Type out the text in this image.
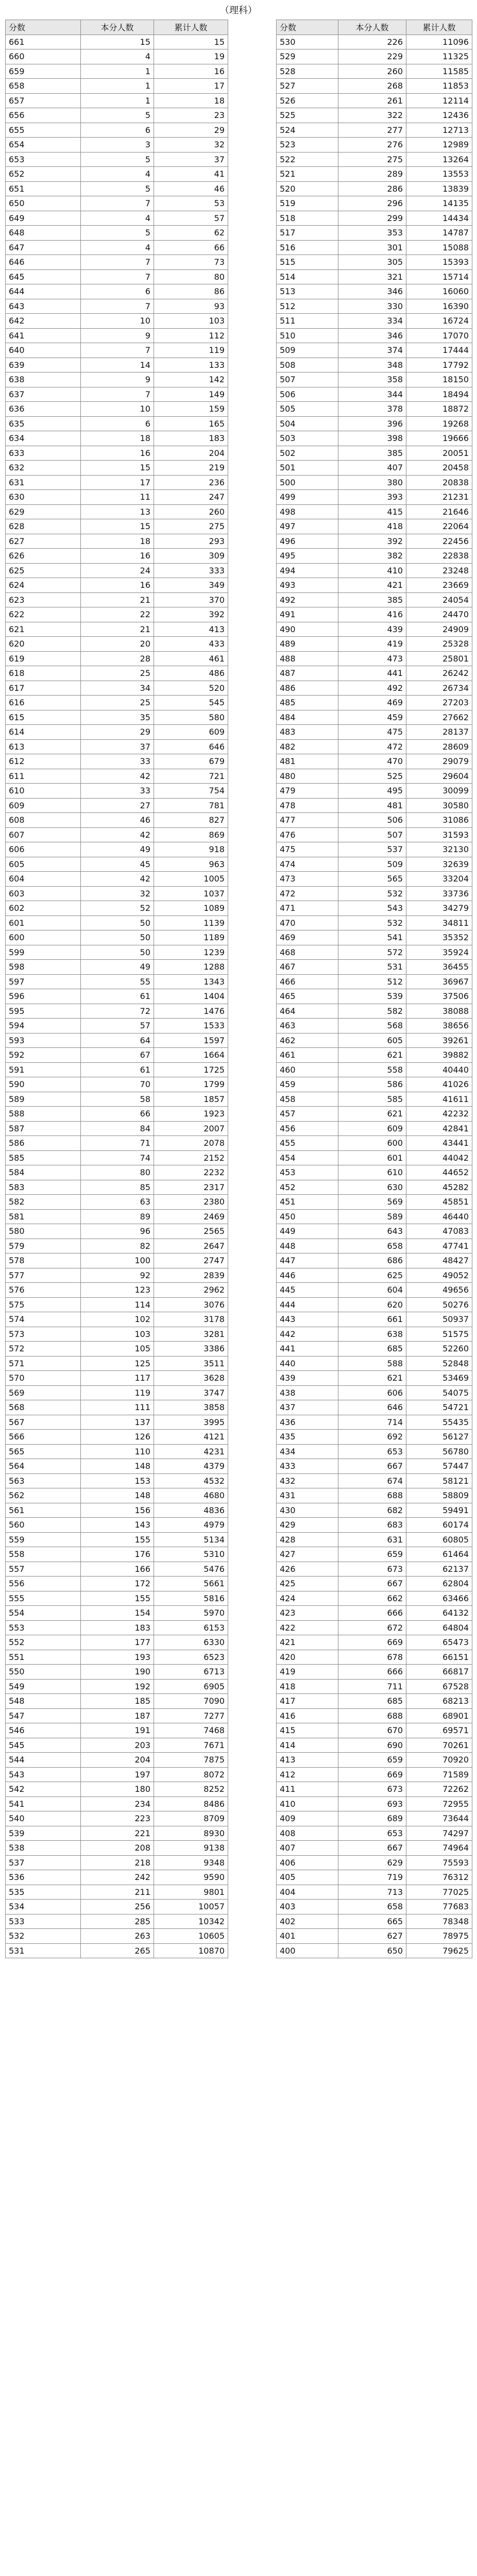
（理科）
分数	本分人数	累计人数
661	15	15
660	4	19
659	1	16
658	1	17
657	1	18
656	5	23
655	6	29
654	3	32
653	5	37
652	4	41
651	5	46
650	7	53
649	4	57
648	5	62
647	4	66
646	7	73
645	7	80
644	6	86
643	7	93
642	10	103
641	9	112
640	7	119
639	14	133
638	9	142
637	7	149
636	10	159
635	6	165
634	18	183
633	16	204
632	15	219
631	17	236
630	11	247
629	13	260
628	15	275
627	18	293
626	16	309
625	24	333
624	16	349
623	21	370
622	22	392
621	21	413
620	20	433
619	28	461
618	25	486
617	34	520
616	25	545
615	35	580
614	29	609
613	37	646
612	33	679
611	42	721
610	33	754
609	27	781
608	46	827
607	42	869
606	49	918
605	45	963
604	42	1005
603	32	1037
602	52	1089
601	50	1139
600	50	1189
599	50	1239
598	49	1288
597	55	1343
596	61	1404
595	72	1476
594	57	1533
593	64	1597
592	67	1664
591	61	1725
590	70	1799
589	58	1857
588	66	1923
587	84	2007
586	71	2078
585	74	2152
584	80	2232
583	85	2317
582	63	2380
581	89	2469
580	96	2565
579	82	2647
578	100	2747
577	92	2839
576	123	2962
575	114	3076
574	102	3178
573	103	3281
572	105	3386
571	125	3511
570	117	3628
569	119	3747
568	111	3858
567	137	3995
566	126	4121
565	110	4231
564	148	4379
563	153	4532
562	148	4680
561	156	4836
560	143	4979
559	155	5134
558	176	5310
557	166	5476
556	172	5661
555	155	5816
554	154	5970
553	183	6153
552	177	6330
551	193	6523
550	190	6713
549	192	6905
548	185	7090
547	187	7277
546	191	7468
545	203	7671
544	204	7875
543	197	8072
542	180	8252
541	234	8486
540	223	8709
539	221	8930
538	208	9138
537	218	9348
536	242	9590
535	211	9801
534	256	10057
533	285	10342
532	263	10605
531	265	10870
分数	本分人数	累计人数
530	226	11096
529	229	11325
528	260	11585
527	268	11853
526	261	12114
525	322	12436
524	277	12713
523	276	12989
522	275	13264
521	289	13553
520	286	13839
519	296	14135
518	299	14434
517	353	14787
516	301	15088
515	305	15393
514	321	15714
513	346	16060
512	330	16390
511	334	16724
510	346	17070
509	374	17444
508	348	17792
507	358	18150
506	344	18494
505	378	18872
504	396	19268
503	398	19666
502	385	20051
501	407	20458
500	380	20838
499	393	21231
498	415	21646
497	418	22064
496	392	22456
495	382	22838
494	410	23248
493	421	23669
492	385	24054
491	416	24470
490	439	24909
489	419	25328
488	473	25801
487	441	26242
486	492	26734
485	469	27203
484	459	27662
483	475	28137
482	472	28609
481	470	29079
480	525	29604
479	495	30099
478	481	30580
477	506	31086
476	507	31593
475	537	32130
474	509	32639
473	565	33204
472	532	33736
471	543	34279
470	532	34811
469	541	35352
468	572	35924
467	531	36455
466	512	36967
465	539	37506
464	582	38088
463	568	38656
462	605	39261
461	621	39882
460	558	40440
459	586	41026
458	585	41611
457	621	42232
456	609	42841
455	600	43441
454	601	44042
453	610	44652
452	630	45282
451	569	45851
450	589	46440
449	643	47083
448	658	47741
447	686	48427
446	625	49052
445	604	49656
444	620	50276
443	661	50937
442	638	51575
441	685	52260
440	588	52848
439	621	53469
438	606	54075
437	646	54721
436	714	55435
435	692	56127
434	653	56780
433	667	57447
432	674	58121
431	688	58809
430	682	59491
429	683	60174
428	631	60805
427	659	61464
426	673	62137
425	667	62804
424	662	63466
423	666	64132
422	672	64804
421	669	65473
420	678	66151
419	666	66817
418	711	67528
417	685	68213
416	688	68901
415	670	69571
414	690	70261
413	659	70920
412	669	71589
411	673	72262
410	693	72955
409	689	73644
408	653	74297
407	667	74964
406	629	75593
405	719	76312
404	713	77025
403	658	77683
402	665	78348
401	627	78975
400	650	79625
